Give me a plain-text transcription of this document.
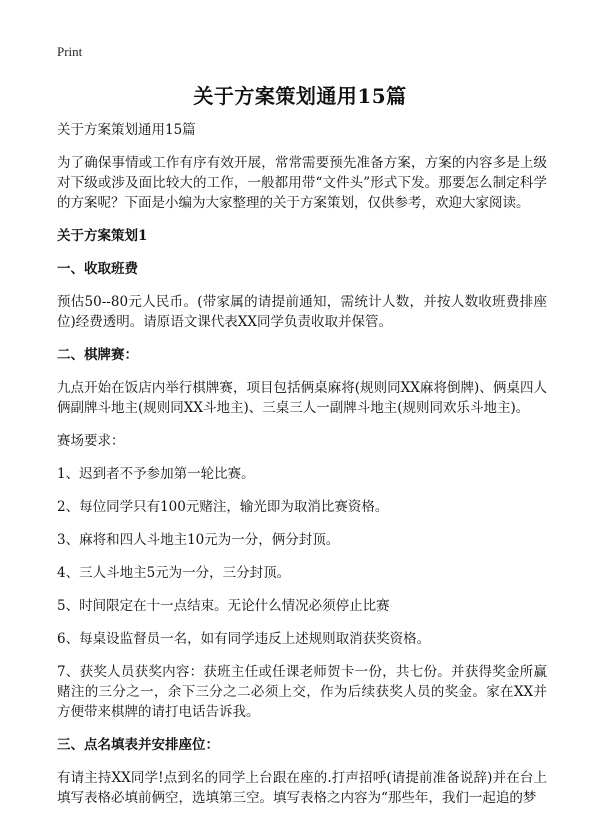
Print
关于方案策划通用15篇

关于方案策划通用15篇

为了确保事情或工作有序有效开展，常常需要预先准备方案，方案的内容多是上级对下级或涉及面比较大的工作，一般都用带“文件头”形式下发。那要怎么制定科学的方案呢？下面是小编为大家整理的关于方案策划，仅供参考，欢迎大家阅读。

关于方案策划1

一、收取班费

预估50--80元人民币。(带家属的请提前通知，需统计人数，并按人数收班费排座位)经费透明。请原语文课代表XX同学负责收取并保管。

二、棋牌赛：

九点开始在饭店内举行棋牌赛，项目包括俩桌麻将(规则同XX麻将倒牌)、俩桌四人俩副牌斗地主(规则同XX斗地主)、三桌三人一副牌斗地主(规则同欢乐斗地主)。

赛场要求：

1、迟到者不予参加第一轮比赛。

2、每位同学只有100元赌注，输光即为取消比赛资格。

3、麻将和四人斗地主10元为一分，俩分封顶。

4、三人斗地主5元为一分，三分封顶。

5、时间限定在十一点结束。无论什么情况必须停止比赛

6、每桌设监督员一名，如有同学违反上述规则取消获奖资格。

7、获奖人员获奖内容：获班主任或任课老师贺卡一份，共七份。并获得奖金所赢赌注的三分之一，余下三分之二必须上交，作为后续获奖人员的奖金。家在XX并方便带来棋牌的请打电话告诉我。

三、点名填表并安排座位：

有请主持XX同学!点到名的同学上台跟在座的.打声招呼(请提前准备说辞)并在台上填写表格必填前俩空，选填第三空。填写表格之内容为“那些年，我们一起追的梦
